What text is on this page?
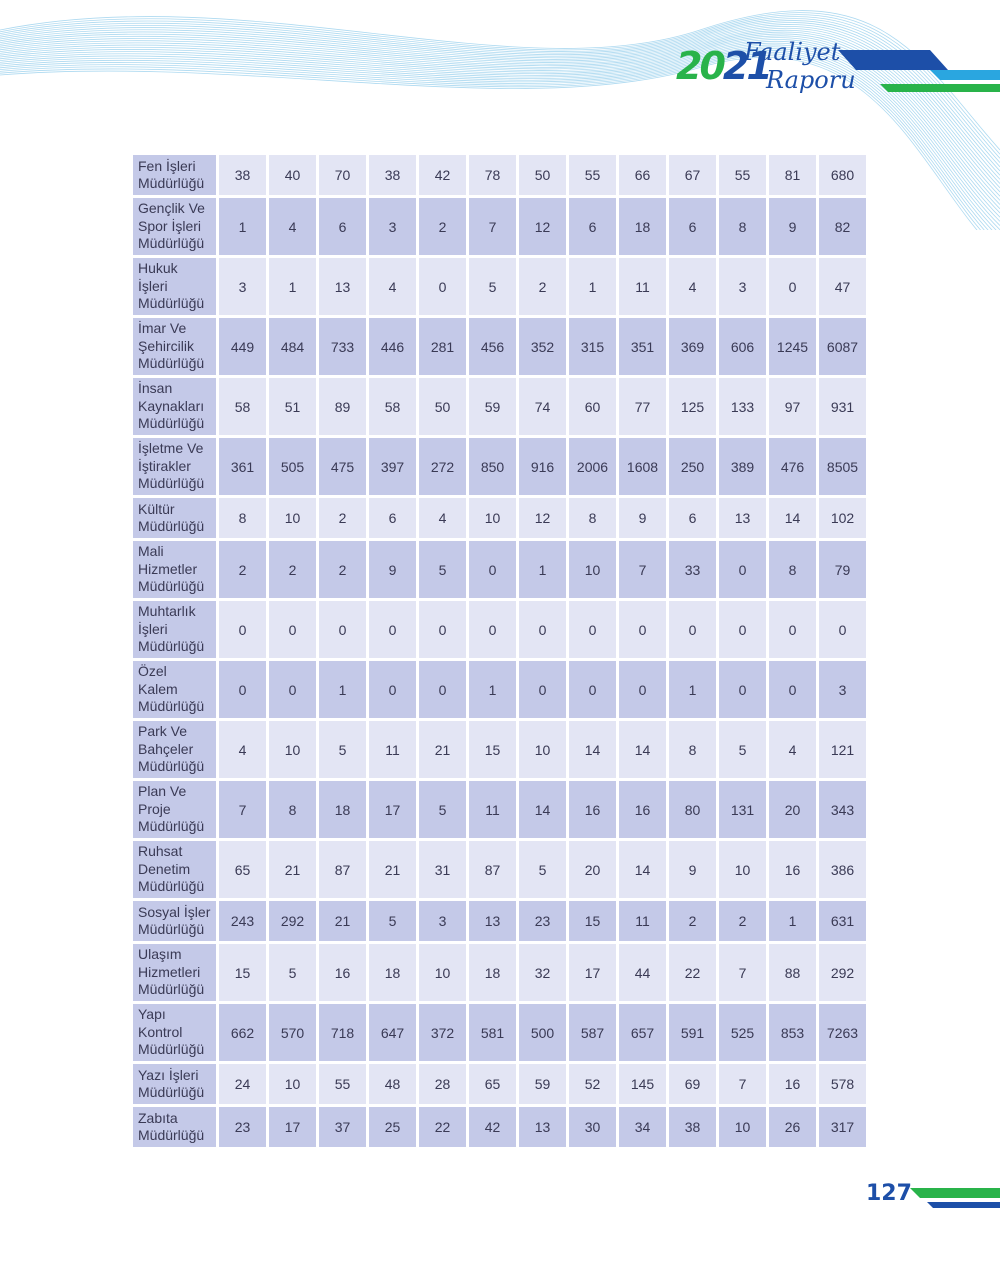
2021
Faaliyet
Raporu
Fen İşleri
Müdürlüğü	38	40	70	38	42	78	50	55	66	67	55	81	680
Gençlik Ve
Spor İşleri
Müdürlüğü	1	4	6	3	2	7	12	6	18	6	8	9	82
Hukuk
İşleri
Müdürlüğü	3	1	13	4	0	5	2	1	11	4	3	0	47
İmar Ve
Şehircilik
Müdürlüğü	449	484	733	446	281	456	352	315	351	369	606	1245	6087
İnsan
Kaynakları
Müdürlüğü	58	51	89	58	50	59	74	60	77	125	133	97	931
İşletme Ve
İştirakler
Müdürlüğü	361	505	475	397	272	850	916	2006	1608	250	389	476	8505
Kültür
Müdürlüğü	8	10	2	6	4	10	12	8	9	6	13	14	102
Mali
Hizmetler
Müdürlüğü	2	2	2	9	5	0	1	10	7	33	0	8	79
Muhtarlık
İşleri
Müdürlüğü	0	0	0	0	0	0	0	0	0	0	0	0	0
Özel
Kalem
Müdürlüğü	0	0	1	0	0	1	0	0	0	1	0	0	3
Park Ve
Bahçeler
Müdürlüğü	4	10	5	11	21	15	10	14	14	8	5	4	121
Plan Ve
Proje
Müdürlüğü	7	8	18	17	5	11	14	16	16	80	131	20	343
Ruhsat
Denetim
Müdürlüğü	65	21	87	21	31	87	5	20	14	9	10	16	386
Sosyal İşler
Müdürlüğü	243	292	21	5	3	13	23	15	11	2	2	1	631
Ulaşım
Hizmetleri
Müdürlüğü	15	5	16	18	10	18	32	17	44	22	7	88	292
Yapı
Kontrol
Müdürlüğü	662	570	718	647	372	581	500	587	657	591	525	853	7263
Yazı İşleri
Müdürlüğü	24	10	55	48	28	65	59	52	145	69	7	16	578
Zabıta
Müdürlüğü	23	17	37	25	22	42	13	30	34	38	10	26	317
127
